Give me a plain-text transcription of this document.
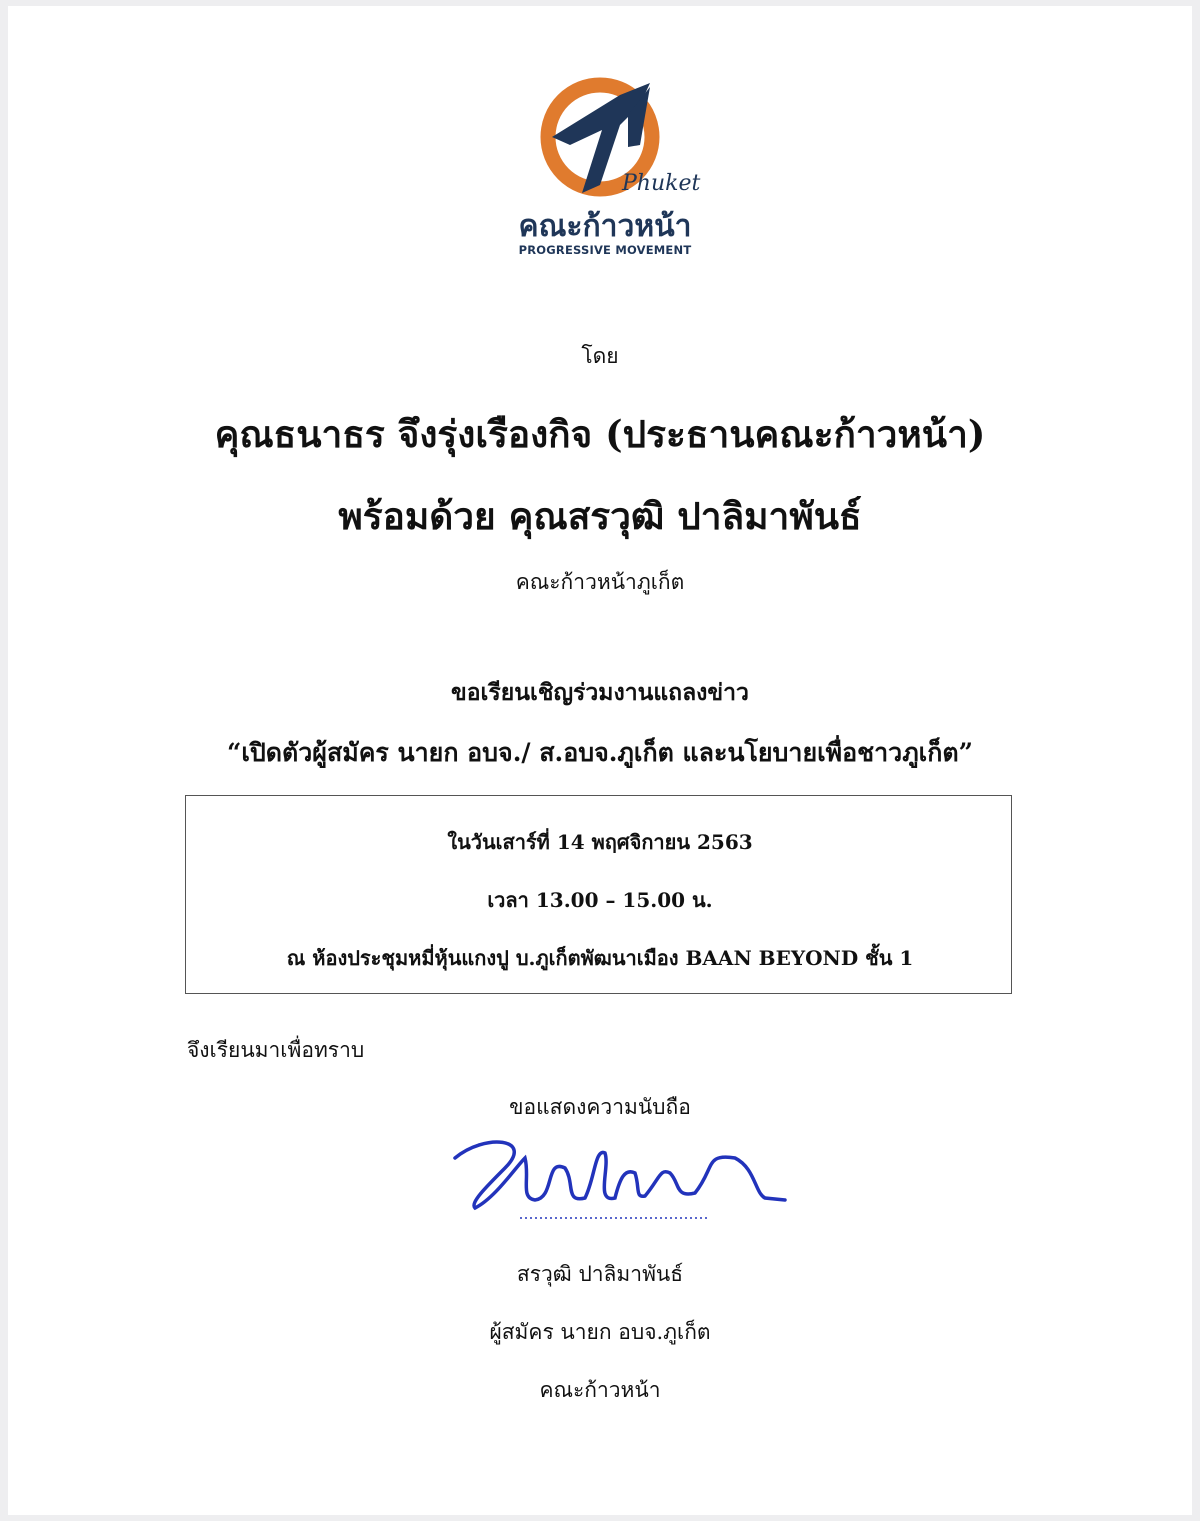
Phuket
คณะก้าวหน้า
PROGRESSIVE MOVEMENT
โดย
คุณธนาธร จึงรุ่งเรืองกิจ (ประธานคณะก้าวหน้า)
พร้อมด้วย คุณสรวุฒิ ปาลิมาพันธ์
คณะก้าวหน้าภูเก็ต
ขอเรียนเชิญร่วมงานแถลงข่าว
“เปิดตัวผู้สมัคร นายก อบจ./ ส.อบจ.ภูเก็ต และนโยบายเพื่อชาวภูเก็ต”
ในวันเสาร์ที่ 14 พฤศจิกายน 2563
เวลา 13.00 – 15.00 น.
ณ ห้องประชุมหมี่หุ้นแกงปู บ.ภูเก็ตพัฒนาเมือง BAAN BEYOND ชั้น 1
จึงเรียนมาเพื่อทราบ
ขอแสดงความนับถือ
สรวุฒิ ปาลิมาพันธ์
ผู้สมัคร นายก อบจ.ภูเก็ต
คณะก้าวหน้า
